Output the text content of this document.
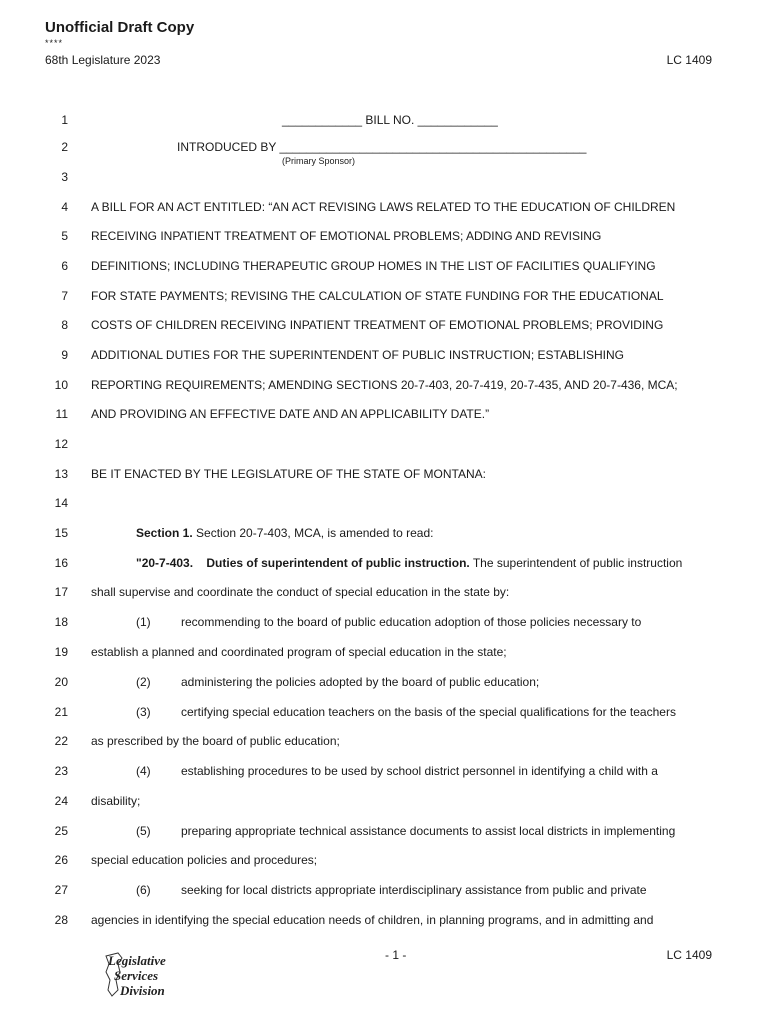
Unofficial Draft Copy
****
68th Legislature 2023	LC 1409
1	____________ BILL NO. ____________
2	INTRODUCED BY ______________________________________________
(Primary Sponsor)
3
4 A BILL FOR AN ACT ENTITLED: “AN ACT REVISING LAWS RELATED TO THE EDUCATION OF CHILDREN
5 RECEIVING INPATIENT TREATMENT OF EMOTIONAL PROBLEMS; ADDING AND REVISING
6 DEFINITIONS; INCLUDING THERAPEUTIC GROUP HOMES IN THE LIST OF FACILITIES QUALIFYING
7 FOR STATE PAYMENTS; REVISING THE CALCULATION OF STATE FUNDING FOR THE EDUCATIONAL
8 COSTS OF CHILDREN RECEIVING INPATIENT TREATMENT OF EMOTIONAL PROBLEMS; PROVIDING
9 ADDITIONAL DUTIES FOR THE SUPERINTENDENT OF PUBLIC INSTRUCTION; ESTABLISHING
10 REPORTING REQUIREMENTS; AMENDING SECTIONS 20-7-403, 20-7-419, 20-7-435, AND 20-7-436, MCA;
11 AND PROVIDING AN EFFECTIVE DATE AND AN APPLICABILITY DATE.”
12
13 BE IT ENACTED BY THE LEGISLATURE OF THE STATE OF MONTANA:
14
15	Section 1. Section 20-7-403, MCA, is amended to read:
16	"20-7-403.    Duties of superintendent of public instruction. The superintendent of public instruction
17 shall supervise and coordinate the conduct of special education in the state by:
18	(1)	recommending to the board of public education adoption of those policies necessary to
19 establish a planned and coordinated program of special education in the state;
20	(2)	administering the policies adopted by the board of public education;
21	(3)	certifying special education teachers on the basis of the special qualifications for the teachers
22 as prescribed by the board of public education;
23	(4)	establishing procedures to be used by school district personnel in identifying a child with a
24 disability;
25	(5)	preparing appropriate technical assistance documents to assist local districts in implementing
26 special education policies and procedures;
27	(6)	seeking for local districts appropriate interdisciplinary assistance from public and private
28 agencies in identifying the special education needs of children, in planning programs, and in admitting and
Legislative
Services
Division
- 1 -	LC 1409
